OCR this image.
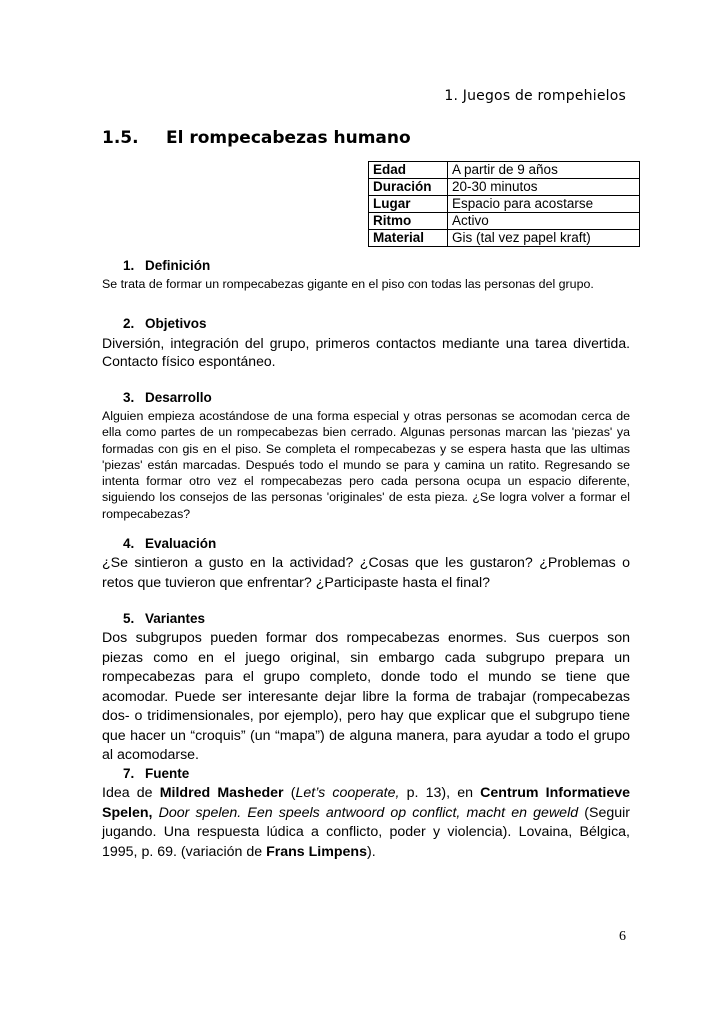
1. Juegos de rompehielos
1.5. El rompecabezas humano
Edad	A partir de 9 años
Duración	20-30 minutos
Lugar	Espacio para acostarse
Ritmo	Activo
Material	Gis (tal vez papel kraft)
1. Definición

Se trata de formar un rompecabezas gigante en el piso con todas las personas del grupo.

2. Objetivos

Diversión, integración del grupo, primeros contactos mediante una tarea divertida. Contacto físico espontáneo.

3. Desarrollo

Alguien empieza acostándose de una forma especial y otras personas se acomodan cerca de ella como partes de un rompecabezas bien cerrado. Algunas personas marcan las 'piezas' ya formadas con gis en el piso. Se completa el rompecabezas y se espera hasta que las ultimas 'piezas' están marcadas. Después todo el mundo se para y camina un ratito. Regresando se intenta formar otro vez el rompecabezas pero cada persona ocupa un espacio diferente, siguiendo los consejos de las personas 'originales' de esta pieza. ¿Se logra volver a formar el rompecabezas?

4. Evaluación

¿Se sintieron a gusto en la actividad? ¿Cosas que les gustaron? ¿Problemas o retos que tuvieron que enfrentar? ¿Participaste hasta el final?

5. Variantes

Dos subgrupos pueden formar dos rompecabezas enormes. Sus cuerpos son piezas como en el juego original, sin embargo cada subgrupo prepara un rompecabezas para el grupo completo, donde todo el mundo se tiene que acomodar. Puede ser interesante dejar libre la forma de trabajar (rompecabezas dos- o tridimensionales, por ejemplo), pero hay que explicar que el subgrupo tiene que hacer un “croquis” (un “mapa”) de alguna manera, para ayudar a todo el grupo al acomodarse.

7. Fuente

Idea de Mildred Masheder (Let’s cooperate, p. 13), en Centrum Informatieve Spelen, Door spelen. Een speels antwoord op conflict, macht en geweld (Seguir jugando. Una respuesta lúdica a conflicto, poder y violencia). Lovaina, Bélgica, 1995, p. 69. (variación de Frans Limpens).

6
